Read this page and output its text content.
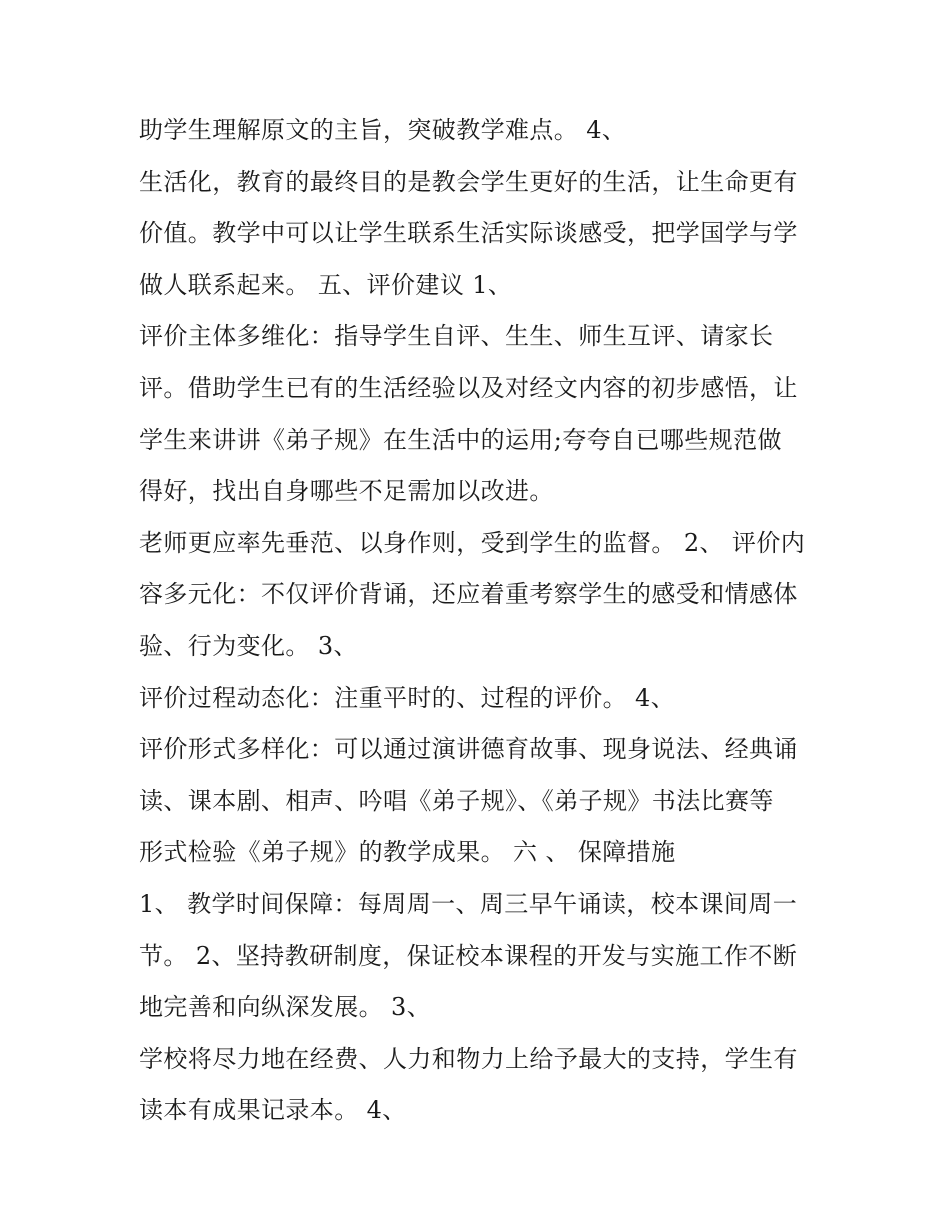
助学生理解原文的主旨，突破教学难点。 4、
生活化，教育的最终目的是教会学生更好的生活，让生命更有
价值。教学中可以让学生联系生活实际谈感受，把学国学与学
做人联系起来。 五、评价建议 1、
评价主体多维化：指导学生自评、生生、师生互评、请家长
评。借助学生已有的生活经验以及对经文内容的初步感悟，让
学生来讲讲《弟子规》在生活中的运用;夸夸自已哪些规范做
得好，找出自身哪些不足需加以改进。
老师更应率先垂范、以身作则，受到学生的监督。 2、 评价内
容多元化：不仅评价背诵，还应着重考察学生的感受和情感体
验、行为变化。 3、
评价过程动态化：注重平时的、过程的评价。 4、
评价形式多样化：可以通过演讲德育故事、现身说法、经典诵
读、课本剧、相声、吟唱《弟子规》、《弟子规》书法比赛等
形式检验《弟子规》的教学成果。 六 、 保障措施
1、 教学时间保障：每周周一、周三早午诵读，校本课间周一
节。 2、坚持教研制度，保证校本课程的开发与实施工作不断
地完善和向纵深发展。 3、
学校将尽力地在经费、人力和物力上给予最大的支持，学生有
读本有成果记录本。 4、
